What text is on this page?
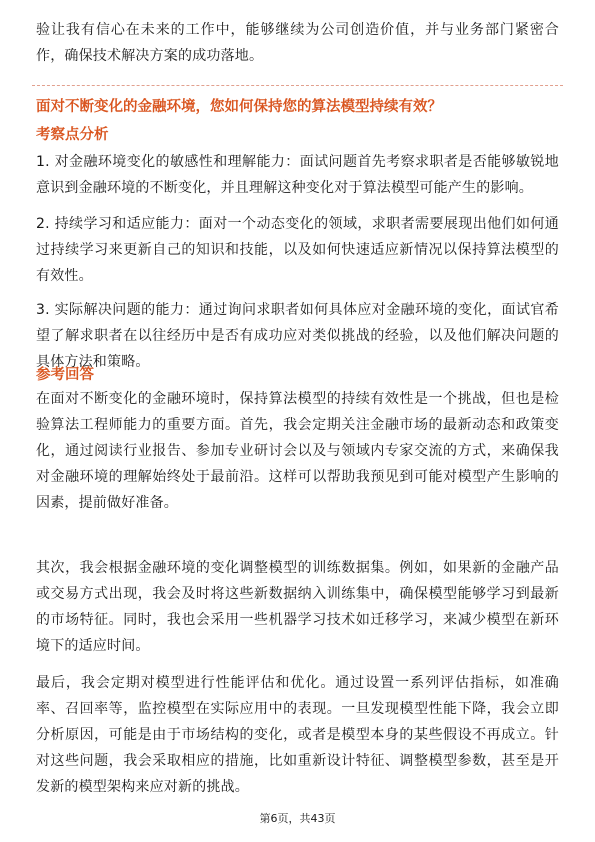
验让我有信心在未来的工作中，能够继续为公司创造价值，并与业务部门紧密合作，确保技术解决方案的成功落地。

面对不断变化的金融环境，您如何保持您的算法模型持续有效？

考察点分析

1. 对金融环境变化的敏感性和理解能力：面试问题首先考察求职者是否能够敏锐地意识到金融环境的不断变化，并且理解这种变化对于算法模型可能产生的影响。

2. 持续学习和适应能力：面对一个动态变化的领域，求职者需要展现出他们如何通过持续学习来更新自己的知识和技能，以及如何快速适应新情况以保持算法模型的有效性。

3. 实际解决问题的能力：通过询问求职者如何具体应对金融环境的变化，面试官希望了解求职者在以往经历中是否有成功应对类似挑战的经验，以及他们解决问题的具体方法和策略。

参考回答

在面对不断变化的金融环境时，保持算法模型的持续有效性是一个挑战，但也是检验算法工程师能力的重要方面。首先，我会定期关注金融市场的最新动态和政策变化，通过阅读行业报告、参加专业研讨会以及与领域内专家交流的方式，来确保我对金融环境的理解始终处于最前沿。这样可以帮助我预见到可能对模型产生影响的因素，提前做好准备。

其次，我会根据金融环境的变化调整模型的训练数据集。例如，如果新的金融产品或交易方式出现，我会及时将这些新数据纳入训练集中，确保模型能够学习到最新的市场特征。同时，我也会采用一些机器学习技术如迁移学习，来减少模型在新环境下的适应时间。

最后，我会定期对模型进行性能评估和优化。通过设置一系列评估指标，如准确率、召回率等，监控模型在实际应用中的表现。一旦发现模型性能下降，我会立即分析原因，可能是由于市场结构的变化，或者是模型本身的某些假设不再成立。针对这些问题，我会采取相应的措施，比如重新设计特征、调整模型参数，甚至是开发新的模型架构来应对新的挑战。

第6页，共43页
